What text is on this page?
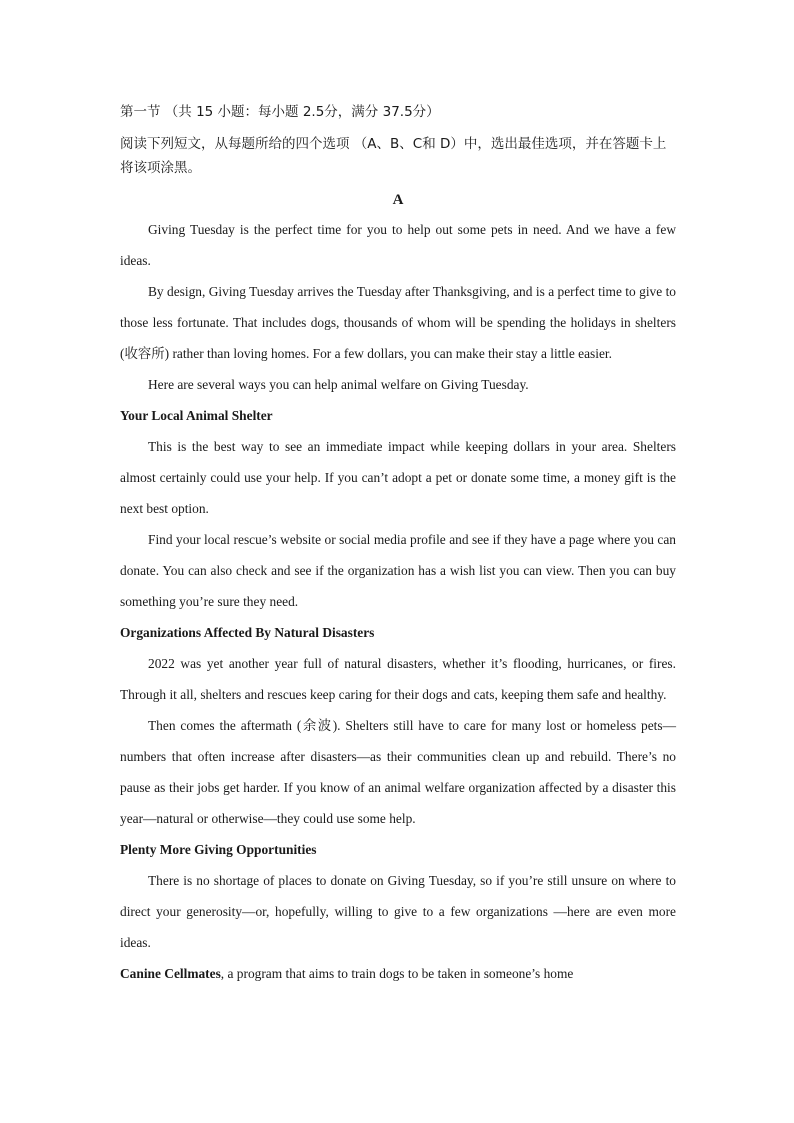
第一节 （共 15 小题：每小题 2.5分，满分 37.5分）

阅读下列短文，从每题所给的四个选项 （A、B、C和 D）中，选出最佳选项，并在答题卡上将该项涂黑。

A

Giving Tuesday is the perfect time for you to help out some pets in need. And we have a few ideas.

By design, Giving Tuesday arrives the Tuesday after Thanksgiving, and is a perfect time to give to those less fortunate. That includes dogs, thousands of whom will be spending the holidays in shelters (收容所) rather than loving homes. For a few dollars, you can make their stay a little easier.

Here are several ways you can help animal welfare on Giving Tuesday.

Your Local Animal Shelter

This is the best way to see an immediate impact while keeping dollars in your area. Shelters almost certainly could use your help. If you can’t adopt a pet or donate some time, a money gift is the next best option.

Find your local rescue’s website or social media profile and see if they have a page where you can donate. You can also check and see if the organization has a wish list you can view. Then you can buy something you’re sure they need.

Organizations Affected By Natural Disasters

2022 was yet another year full of natural disasters, whether it’s flooding, hurricanes, or fires. Through it all, shelters and rescues keep caring for their dogs and cats, keeping them safe and healthy.

Then comes the aftermath (余波). Shelters still have to care for many lost or homeless pets—numbers that often increase after disasters—as their communities clean up and rebuild. There’s no pause as their jobs get harder. If you know of an animal welfare organization affected by a disaster this year—natural or otherwise—they could use some help.

Plenty More Giving Opportunities

There is no shortage of places to donate on Giving Tuesday, so if you’re still unsure on where to direct your generosity—or, hopefully, willing to give to a few organizations —here are even more ideas.

Canine Cellmates, a program that aims to train dogs to be taken in someone’s home
